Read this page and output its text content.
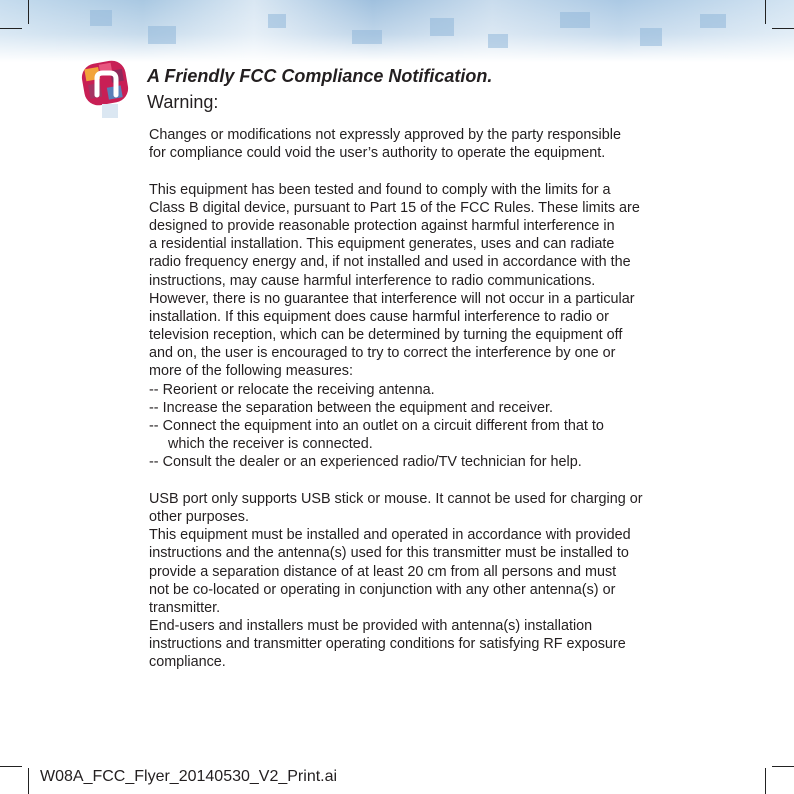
A Friendly FCC Compliance Notification.
Warning:
Changes or modifications not expressly approved by the party responsible
for compliance could void the user’s authority to operate the equipment.
This equipment has been tested and found to comply with the limits for a
Class B digital device, pursuant to Part 15 of the FCC Rules. These limits are
designed to provide reasonable protection against harmful interference in
a residential installation. This equipment generates, uses and can radiate
radio frequency energy and, if not installed and used in accordance with the
instructions, may cause harmful interference to radio communications.
However, there is no guarantee that interference will not occur in a particular
installation. If this equipment does cause harmful interference to radio or
television reception, which can be determined by turning the equipment off
and on, the user is encouraged to try to correct the interference by one or
more of the following measures:
-- Reorient or relocate the receiving antenna.
-- Increase the separation between the equipment and receiver.
-- Connect the equipment into an outlet on a circuit different from that to
which the receiver is connected.
-- Consult the dealer or an experienced radio/TV technician for help.
USB port only supports USB stick or mouse. It cannot be used for charging or
other purposes.
This equipment must be installed and operated in accordance with provided
instructions and the antenna(s) used for this transmitter must be installed to
provide a separation distance of at least 20 cm from all persons and must
not be co-located or operating in conjunction with any other antenna(s) or
transmitter.
End-users and installers must be provided with antenna(s) installation
instructions and transmitter operating conditions for satisfying RF exposure
compliance.
W08A_FCC_Flyer_20140530_V2_Print.ai
